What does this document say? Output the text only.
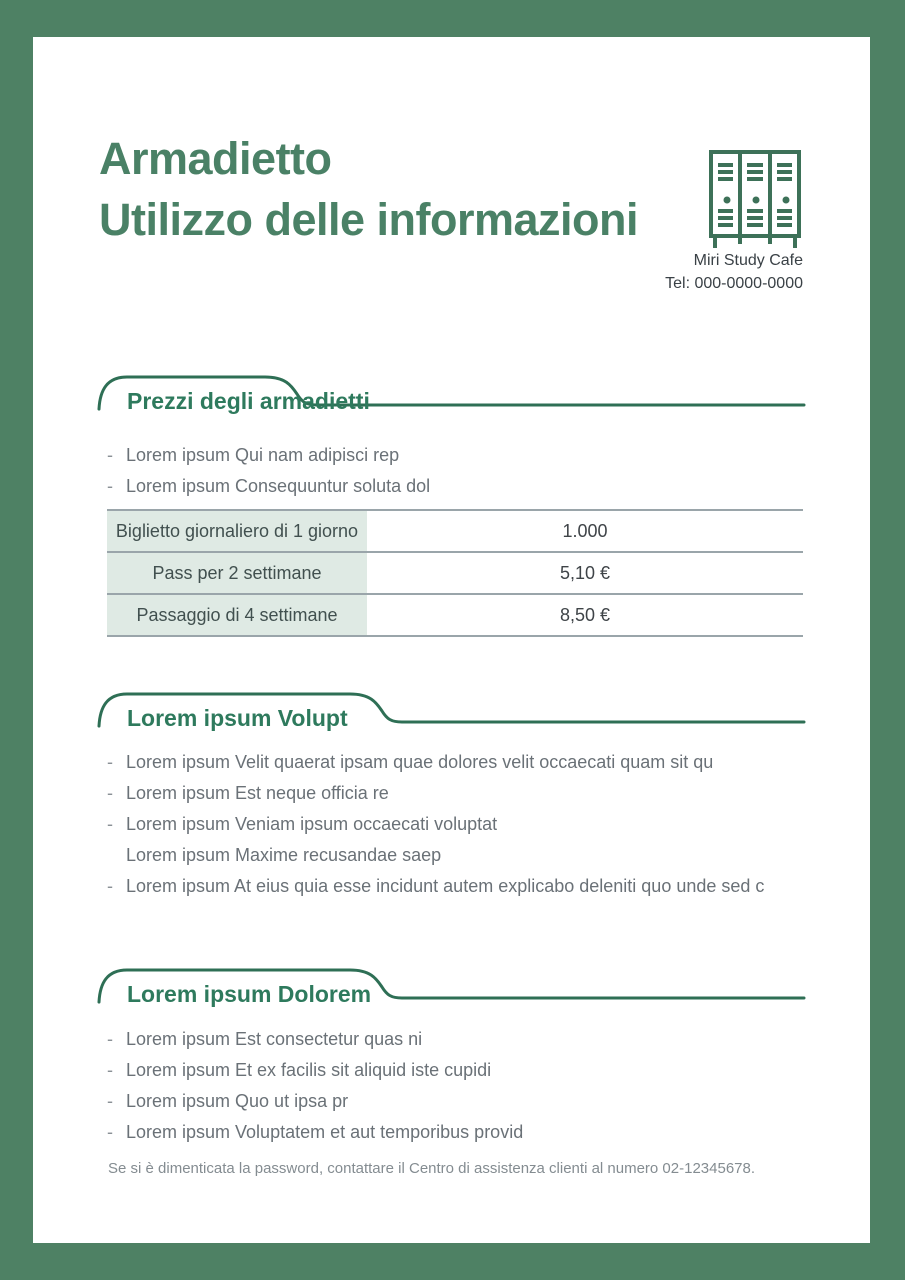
Armadietto
Utilizzo delle informazioni
Miri Study Cafe
Tel: 000-0000-0000
Prezzi degli armadietti
- Lorem ipsum Qui nam adipisci rep
- Lorem ipsum Consequuntur soluta dol
Biglietto giornaliero di 1 giorno	1.000
Pass per 2 settimane	5,10 €
Passaggio di 4 settimane	8,50 €
Lorem ipsum Volupt
- Lorem ipsum Velit quaerat ipsam quae dolores velit occaecati quam sit qu
- Lorem ipsum Est neque officia re
- Lorem ipsum Veniam ipsum occaecati voluptat
Lorem ipsum Maxime recusandae saep
- Lorem ipsum At eius quia esse incidunt autem explicabo deleniti quo unde sed c
Lorem ipsum Dolorem
- Lorem ipsum Est consectetur quas ni
- Lorem ipsum Et ex facilis sit aliquid iste cupidi
- Lorem ipsum Quo ut ipsa pr
- Lorem ipsum Voluptatem et aut temporibus provid
Se si è dimenticata la password, contattare il Centro di assistenza clienti al numero 02-12345678.
